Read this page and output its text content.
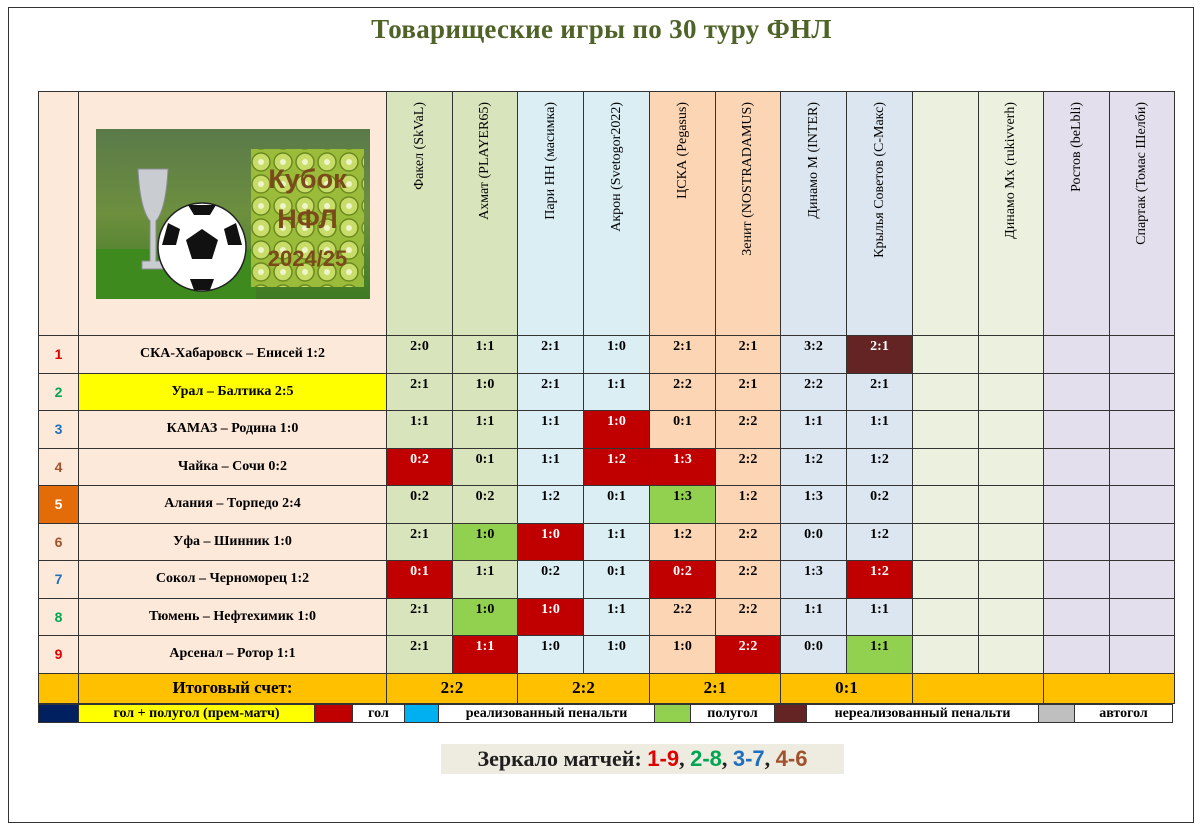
Товарищеские игры по 30 туру ФНЛ

	Кубок
НФЛ
2024/25	Факел (SkVaL)	Ахмат (PLAYER65)	Пари НН (масимка)	Акрон (Svetogor2022)	ЦСКА (Pegasus)	Зенит (NOSTRADAMUS)	Динамо М (INTER)	Крылья Советов (С-Макс)		Динамо Мх (rukivverh)	Ростов (beLbli)	Спартак (Томас Шелби)
1	СКА-Хабаровск – Енисей 1:2	2:0	1:1	2:1	1:0	2:1	2:1	3:2	2:1				
2	Урал – Балтика 2:5	2:1	1:0	2:1	1:1	2:2	2:1	2:2	2:1				
3	КАМАЗ – Родина 1:0	1:1	1:1	1:1	1:0	0:1	2:2	1:1	1:1				
4	Чайка – Сочи 0:2	0:2	0:1	1:1	1:2	1:3	2:2	1:2	1:2				
5	Алания – Торпедо 2:4	0:2	0:2	1:2	0:1	1:3	1:2	1:3	0:2				
6	Уфа – Шинник 1:0	2:1	1:0	1:0	1:1	1:2	2:2	0:0	1:2				
7	Сокол – Черноморец 1:2	0:1	1:1	0:2	0:1	0:2	2:2	1:3	1:2				
8	Тюмень – Нефтехимик 1:0	2:1	1:0	1:0	1:1	2:2	2:2	1:1	1:1				
9	Арсенал – Ротор 1:1	2:1	1:1	1:0	1:0	1:0	2:2	0:0	1:1				
	Итоговый счет:	2:2		2:2		2:1		0:1					
гол + полугол (прем-матч)	гол	реализованный пенальти	полугол	нереализованный пенальти	автогол
Зеркало матчей:
1-9 ,
2-8 ,
3-7 ,
4-6
